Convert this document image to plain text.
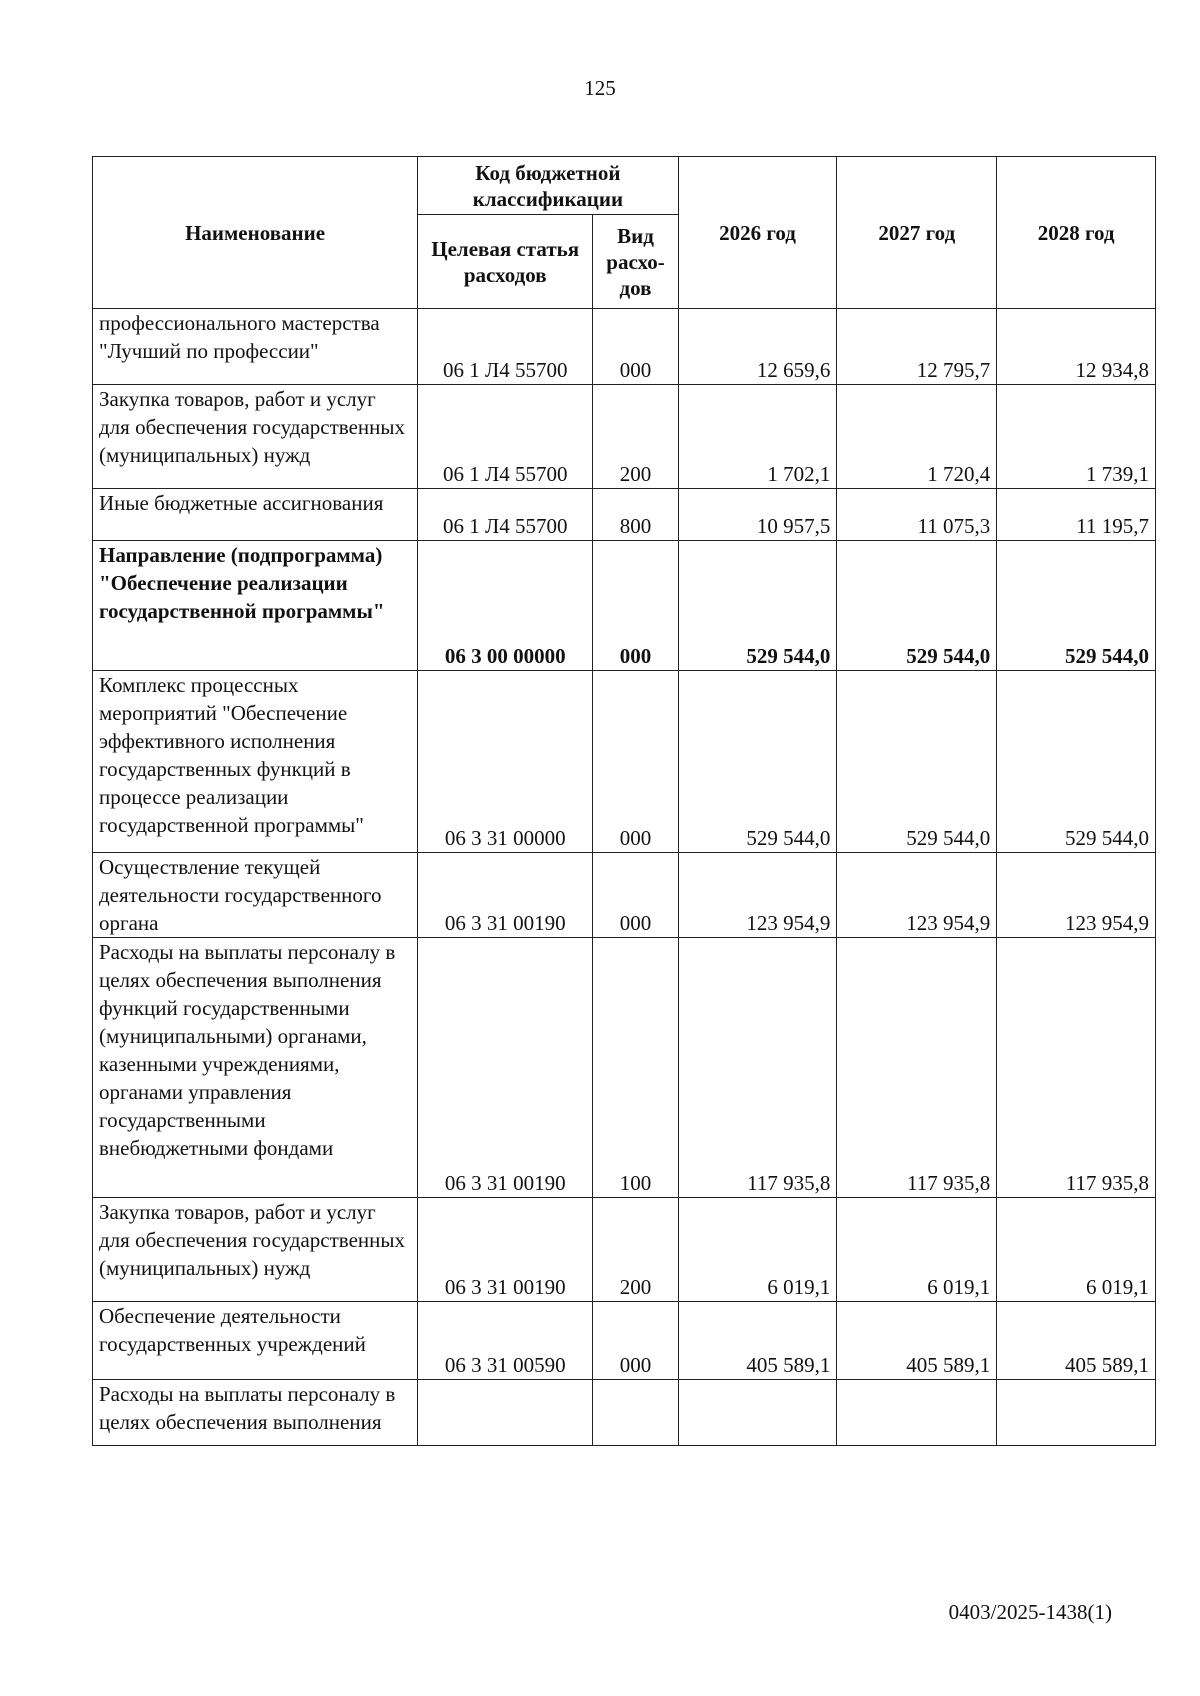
125
Наименование	Код бюджетной классификации		2026 год	2027 год	2028 год
	Целевая статья расходов	Вид расхо- дов			
профессионального мастерства "Лучший по профессии"	06 1 Л4 55700	000	12 659,6	12 795,7	12 934,8
Закупка товаров, работ и услуг для обеспечения государственных (муниципальных) нужд	06 1 Л4 55700	200	1 702,1	1 720,4	1 739,1
Иные бюджетные ассигнования	06 1 Л4 55700	800	10 957,5	11 075,3	11 195,7
Направление (подпрограмма) "Обеспечение реализации государственной программы"	06 3 00 00000	000	529 544,0	529 544,0	529 544,0
Комплекс процессных мероприятий "Обеспечение эффективного исполнения государственных функций в процессе реализации государственной программы"	06 3 31 00000	000	529 544,0	529 544,0	529 544,0
Осуществление текущей деятельности государственного органа	06 3 31 00190	000	123 954,9	123 954,9	123 954,9
Расходы на выплаты персоналу в целях обеспечения выполнения функций государственными (муниципальными) органами, казенными учреждениями, органами управления государственными внебюджетными фондами	06 3 31 00190	100	117 935,8	117 935,8	117 935,8
Закупка товаров, работ и услуг для обеспечения государственных (муниципальных) нужд	06 3 31 00190	200	6 019,1	6 019,1	6 019,1
Обеспечение деятельности государственных учреждений	06 3 31 00590	000	405 589,1	405 589,1	405 589,1
Расходы на выплаты персоналу в целях обеспечения выполнения					
0403/2025-1438(1)
